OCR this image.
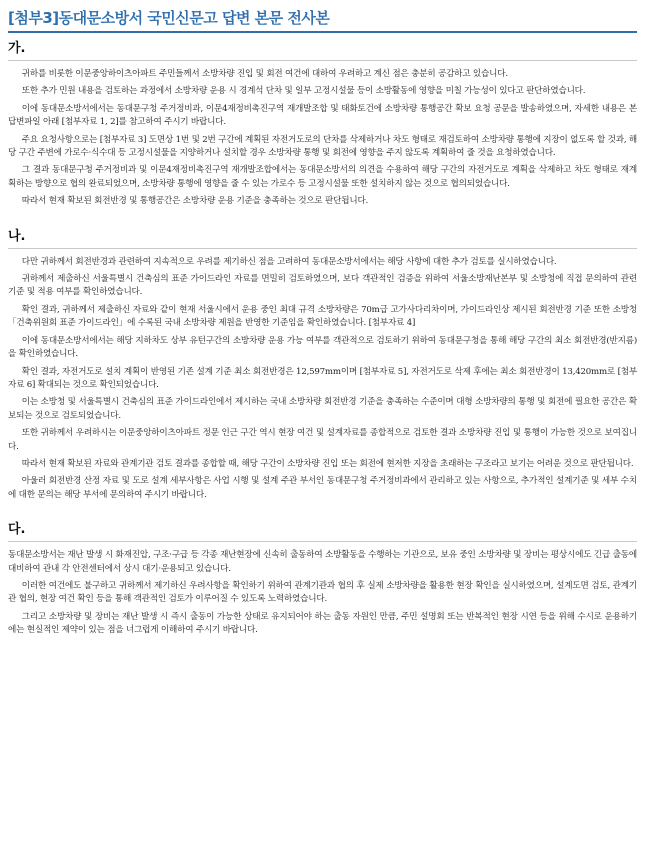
[첨부3]동대문소방서 국민신문고 답변 본문 전사본
가.

귀하를 비롯한 이문중앙하이츠아파트 주민들께서 소방차량 진입 및 회전 여건에 대하여 우려하고 계신 점은 충분히 공감하고 있습니다.

또한 추가 민원 내용을 검토하는 과정에서 소방차량 운용 시 경계석 단차 및 일부 고정시설물 등이 소방활동에 영향을 미칠 가능성이 있다고 판단하였습니다.

이에 동대문소방서에서는 동대문구청 주거정비과, 이문4재정비촉진구역 재개발조합 및 태화토건에 소방차량 통행공간 확보 요청 공문을 발송하였으며, 자세한 내용은 본 답변파일 아래 [첨부자료 1, 2]를 참고하여 주시기 바랍니다.

주요 요청사항으로는 [첨부자료 3] 도면상 1번 및 2번 구간에 계획된 자전거도로의 단차를 삭제하거나 차도 형태로 재검토하여 소방차량 통행에 지장이 없도록 할 것과, 해당 구간 주변에 가로수·식수대 등 고정시설물을 지양하거나 설치할 경우 소방차량 통행 및 회전에 영향을 주지 않도록 계획하여 줄 것을 요청하였습니다.

그 결과 동대문구청 주거정비과 및 이문4재정비촉진구역 재개발조합에서는 동대문소방서의 의견을 수용하여 해당 구간의 자전거도로 계획을 삭제하고 차도 형태로 재계획하는 방향으로 협의 완료되었으며, 소방차량 통행에 영향을 줄 수 있는 가로수 등 고정시설물 또한 설치하지 않는 것으로 협의되었습니다.

따라서 현재 확보된 회전반경 및 통행공간은 소방차량 운용 기준을 충족하는 것으로 판단됩니다.

나.

다만 귀하께서 회전반경과 관련하여 지속적으로 우려를 제기하신 점을 고려하여 동대문소방서에서는 해당 사항에 대한 추가 검토를 실시하였습니다.

귀하께서 제출하신 서울특별시 건축심의 표준 가이드라인 자료를 면밀히 검토하였으며, 보다 객관적인 검증을 위하여 서울소방재난본부 및 소방청에 직접 문의하여 관련 기준 및 적용 여부를 확인하였습니다.

확인 결과, 귀하께서 제출하신 자료와 같이 현재 서울시에서 운용 중인 최대 규격 소방차량은 70m급 고가사다리차이며, 가이드라인상 제시된 회전반경 기준 또한 소방청 「건축위원회 표준 가이드라인」에 수록된 국내 소방차량 제원을 반영한 기준임을 확인하였습니다. [첨부자료 4]

이에 동대문소방서에서는 해당 지하차도 상부 유턴구간의 소방차량 운용 가능 여부를 객관적으로 검토하기 위하여 동대문구청을 통해 해당 구간의 최소 회전반경(반지름)을 확인하였습니다.

확인 결과, 자전거도로 설치 계획이 반영된 기존 설계 기준 최소 회전반경은 12,597mm이며 [첨부자료 5], 자전거도로 삭제 후에는 최소 회전반경이 13,420mm로 [첨부자료 6] 확대되는 것으로 확인되었습니다.

이는 소방청 및 서울특별시 건축심의 표준 가이드라인에서 제시하는 국내 소방차량 회전반경 기준을 충족하는 수준이며 대형 소방차량의 통행 및 회전에 필요한 공간은 확보되는 것으로 검토되었습니다.

또한 귀하께서 우려하시는 이문중앙하이츠아파트 정문 인근 구간 역시 현장 여건 및 설계자료를 종합적으로 검토한 결과 소방차량 진입 및 통행이 가능한 것으로 보여집니다.

따라서 현재 확보된 자료와 관계기관 검토 결과를 종합할 때, 해당 구간이 소방차량 진입 또는 회전에 현저한 지장을 초래하는 구조라고 보기는 어려운 것으로 판단됩니다.

아울러 회전반경 산정 자료 및 도로 설계 세부사항은 사업 시행 및 설계 주관 부서인 동대문구청 주거정비과에서 관리하고 있는 사항으로, 추가적인 설계기준 및 세부 수치에 대한 문의는 해당 부서에 문의하여 주시기 바랍니다.

다.

동대문소방서는 재난 발생 시 화재진압, 구조·구급 등 각종 재난현장에 신속히 출동하여 소방활동을 수행하는 기관으로, 보유 중인 소방차량 및 장비는 평상시에도 긴급 출동에 대비하여 관내 각 안전센터에서 상시 대기·운용되고 있습니다.

이러한 여건에도 불구하고 귀하께서 제기하신 우려사항을 확인하기 위하여 관계기관과 협의 후 실제 소방차량을 활용한 현장 확인을 실시하였으며, 설계도면 검토, 관계기관 협의, 현장 여건 확인 등을 통해 객관적인 검토가 이루어질 수 있도록 노력하였습니다.

그리고 소방차량 및 장비는 재난 발생 시 즉시 출동이 가능한 상태로 유지되어야 하는 출동 자원인 만큼, 주민 설명회 또는 반복적인 현장 시연 등을 위해 수시로 운용하기에는 현실적인 제약이 있는 점을 너그럽게 이해하여 주시기 바랍니다.
